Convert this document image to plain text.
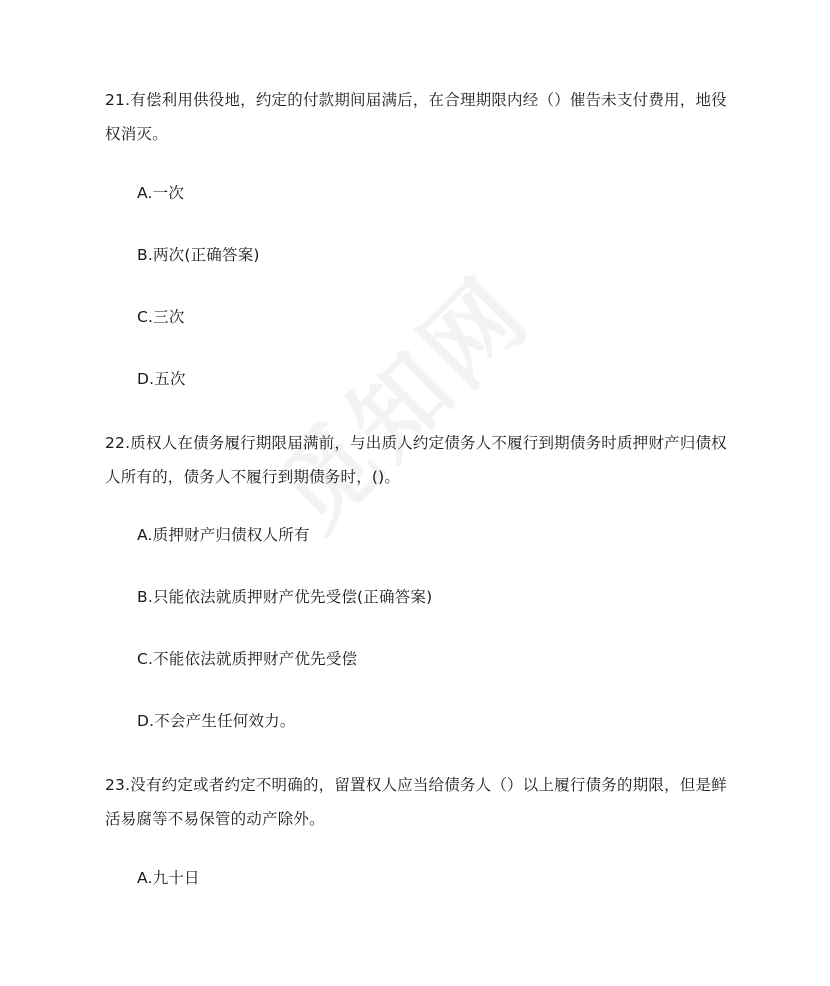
21.有偿利用供役地，约定的付款期间届满后，在合理期限内经（）催告未支付费用，地役权消灭。

A.一次

B.两次(正确答案)

C.三次

D.五次

22.质权人在债务履行期限届满前，与出质人约定债务人不履行到期债务时质押财产归债权人所有的，债务人不履行到期债务时，()。

A.质押财产归债权人所有

B.只能依法就质押财产优先受偿(正确答案)

C.不能依法就质押财产优先受偿

D.不会产生任何效力。

23.没有约定或者约定不明确的，留置权人应当给债务人（）以上履行债务的期限，但是鲜活易腐等不易保管的动产除外。

A.九十日
